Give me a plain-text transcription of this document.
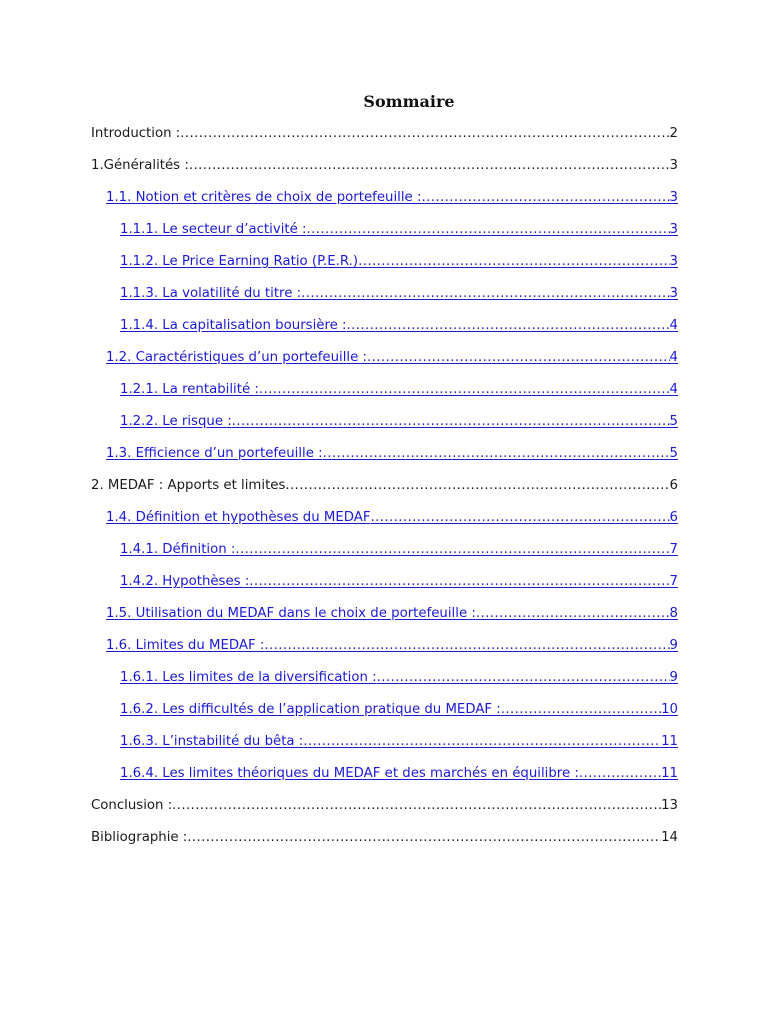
Sommaire
Introduction : .....	2
1.Généralités : .....	3
1.1. Notion et critères de choix de portefeuille : .....	3
1.1.1. Le secteur d’activité : .....	3
1.1.2. Le Price Earning Ratio (P.E.R.) .....	3
1.1.3. La volatilité du titre : .....	3
1.1.4. La capitalisation boursière : .....	4
1.2. Caractéristiques d’un portefeuille : .....	4
1.2.1. La rentabilité : .....	4
1.2.2. Le risque : .....	5
1.3. Efficience d’un portefeuille : .....	5
2. MEDAF : Apports et limites .....	6
1.4. Définition et hypothèses du MEDAF .....	6
1.4.1. Définition : .....	7
1.4.2. Hypothèses : .....	7
1.5. Utilisation du MEDAF dans le choix de portefeuille : .....	8
1.6. Limites du MEDAF : .....	9
1.6.1. Les limites de la diversification : .....	9
1.6.2. Les difficultés de l’application pratique du MEDAF : .....	10
1.6.3. L’instabilité du bêta : .....	11
1.6.4. Les limites théoriques du MEDAF et des marchés en équilibre : .....	11
Conclusion : .....	13
Bibliographie : .....	14
